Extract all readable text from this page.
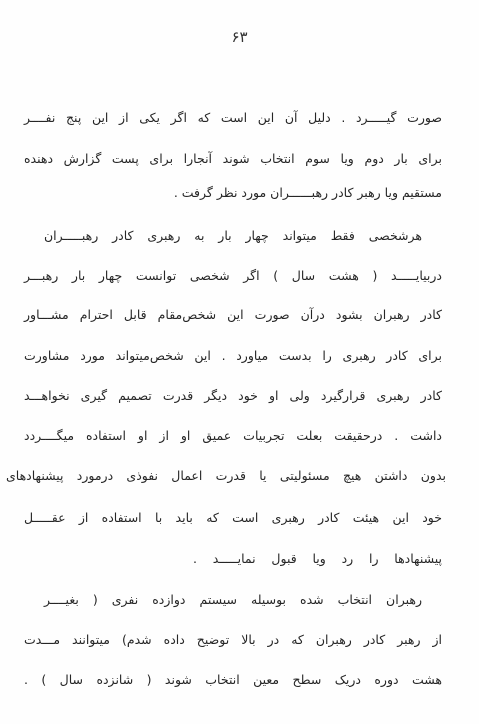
۶۳
صورت گیـــــرد . دلیل آن این است که اگر یکی از این پنج نفــــر
برای بار دوم ویا سوم انتخاب شوند آنجارا برای پست گزارش دهنده
مستقیم ویا رهبر کادر رهبــــــران مورد نظر گرفت .
هرشخصی فقط میتواند چهار بار به رهبری کادر رهبـــــران
دربیایـــــد ( هشت سال ) اگر شخصی توانست چهار بار رهبـــر
کادر رهبران بشود درآن صورت این شخص‌مقام قابل احترام مشـــاور
برای کادر رهبری را بدست میاورد . این شخص‌میتواند مورد مشاورت
کادر رهبری قرارگیرد ولی او خود دیگر قدرت تصمیم گیری نخواهـــد
داشت . درحقیقت بعلت تجربیات عمیق او از او استفاده میگــــردد
بدون داشتن هیچ مسئولیتی یا قدرت اعمال نفوذی درمورد پیشنهادهای
خود این هیئت کادر رهبری است که باید با استفاده از عقـــــل
پیشنهادها را رد ویا قبول نمایـــــد .
رهبران انتخاب شده بوسیله سیستم دوازده نفری ( بغیــــر
از رهبر کادر رهبران که در بالا توضیح داده شدم) میتوانند مـــدت
هشت دوره دریک سطح معین انتخاب شوند ( شانزده سال ) .
